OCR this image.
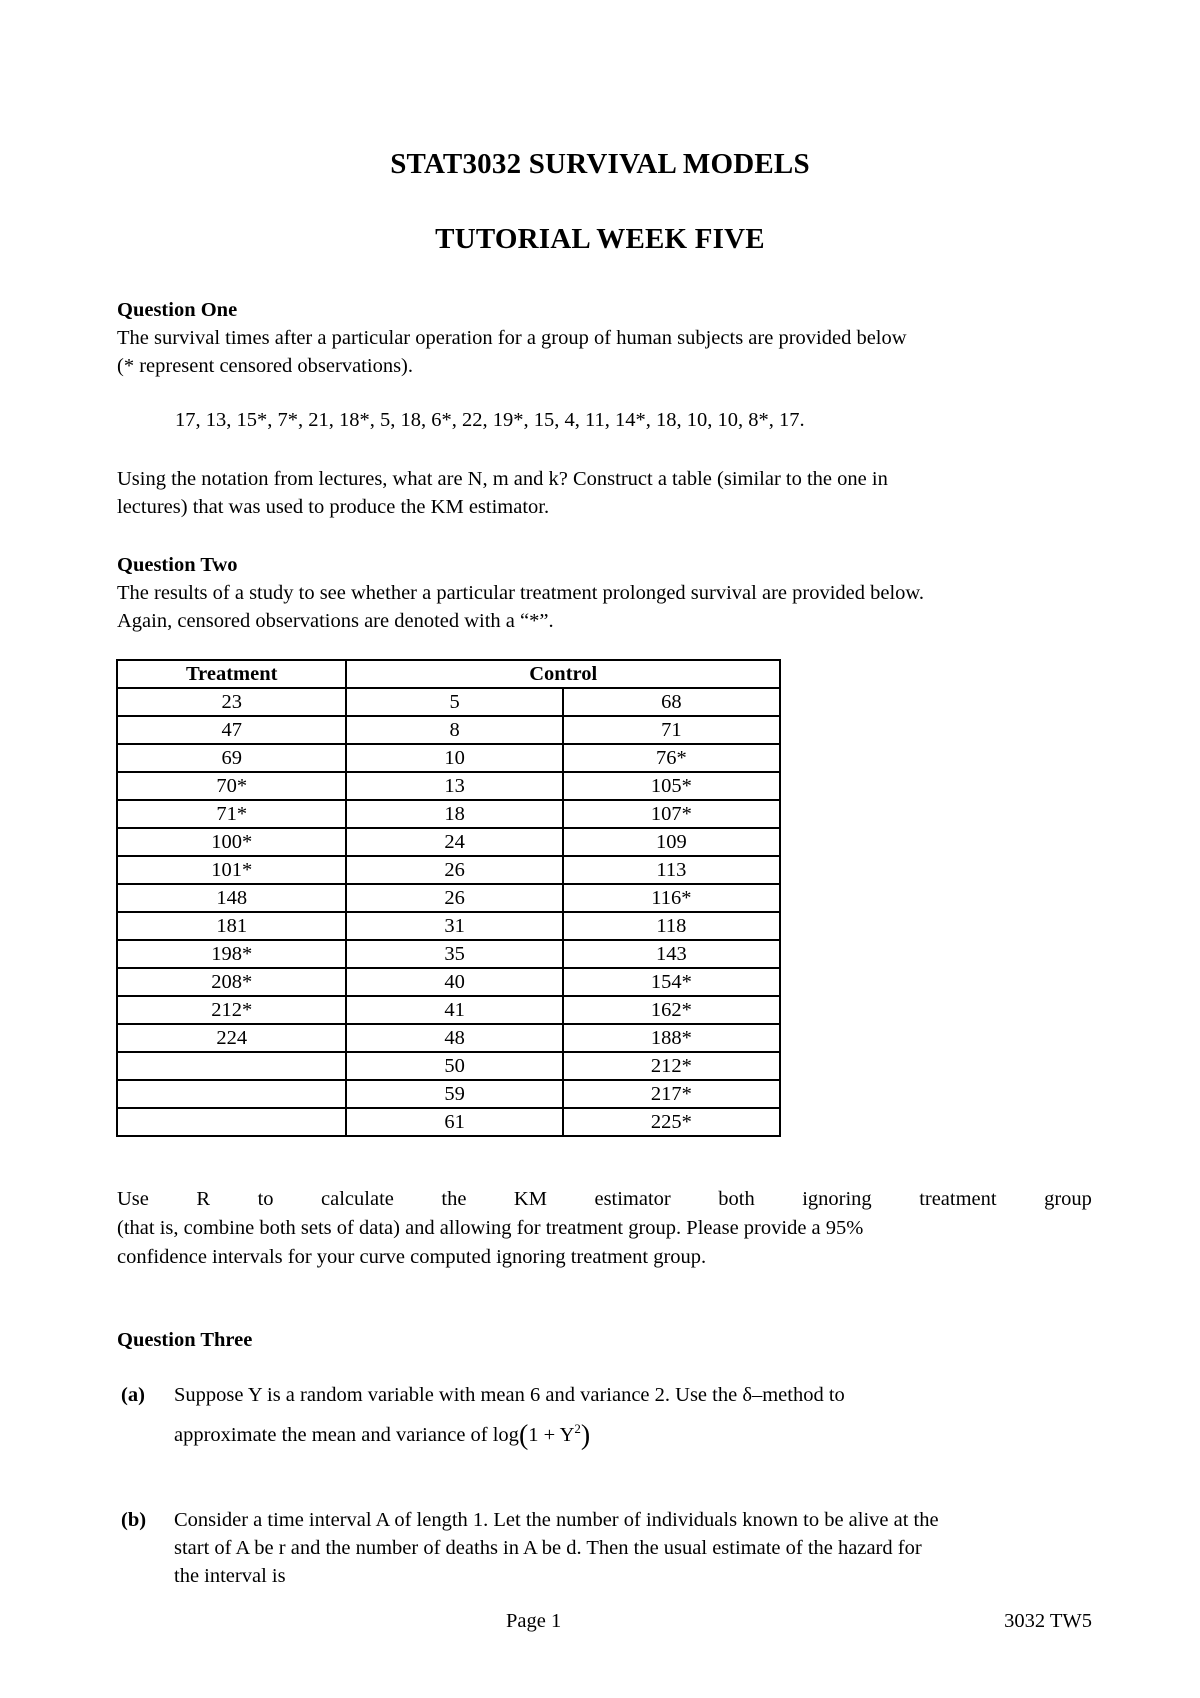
STAT3032 SURVIVAL MODELS
TUTORIAL WEEK FIVE
Question One
The survival times after a particular operation for a group of human subjects are provided below
(* represent censored observations).
17, 13, 15*, 7*, 21, 18*, 5, 18, 6*, 22, 19*, 15, 4, 11, 14*, 18, 10, 10, 8*, 17.
Using the notation from lectures, what are N, m and k? Construct a table (similar to the one in
lectures) that was used to produce the KM estimator.
Question Two
The results of a study to see whether a particular treatment prolonged survival are provided below.
Again, censored observations are denoted with a “*”.
Treatment	Control	
23	5	68
47	8	71
69	10	76*
70*	13	105*
71*	18	107*
100*	24	109
101*	26	113
148	26	116*
181	31	118
198*	35	143
208*	40	154*
212*	41	162*
224	48	188*
	50	212*
	59	217*
	61	225*
Use R to calculate the KM estimator both ignoring treatment group
(that is, combine both sets of data) and allowing for treatment group. Please provide a 95%
confidence intervals for your curve computed ignoring treatment group.
Question Three
(a) Suppose Y is a random variable with mean 6 and variance 2. Use the δ–method to
approximate the mean and variance of $\log(1 + Y^2)$
(b) Consider a time interval A of length 1. Let the number of individuals known to be alive at the
start of A be r and the number of deaths in A be d. Then the usual estimate of the hazard for
the interval is
Page 1	3032 TW5
